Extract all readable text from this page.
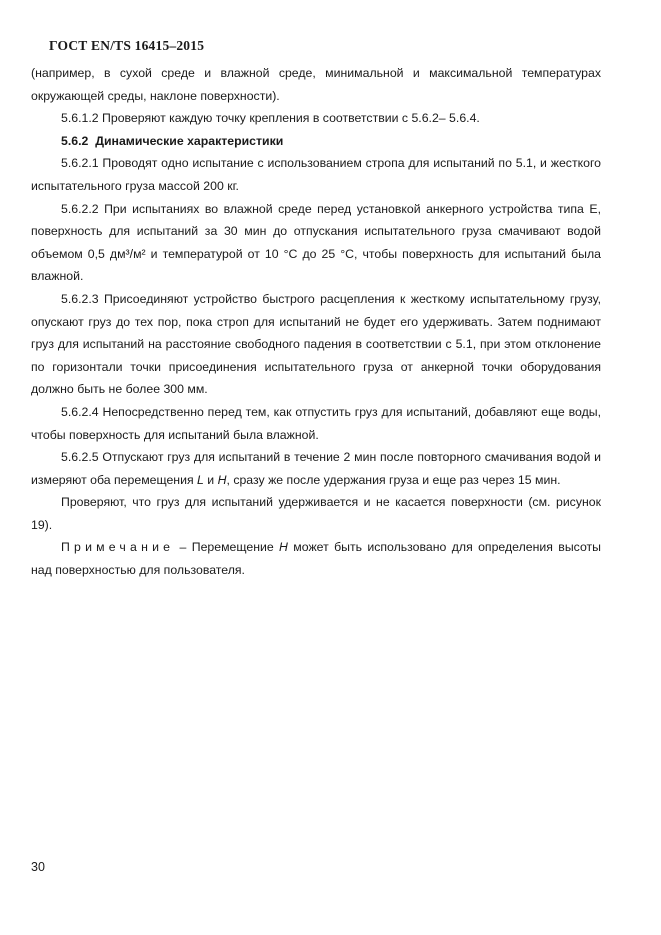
ГОСТ EN/TS 16415–2015

(например, в сухой среде и влажной среде, минимальной и максимальной температурах окружающей среды, наклоне поверхности).

5.6.1.2 Проверяют каждую точку крепления в соответствии с 5.6.2– 5.6.4.

5.6.2 Динамические характеристики

5.6.2.1 Проводят одно испытание с использованием стропа для испытаний по 5.1, и жесткого испытательного груза массой 200 кг.

5.6.2.2 При испытаниях во влажной среде перед установкой анкерного устройства типа Е, поверхность для испытаний за 30 мин до отпускания испытательного груза смачивают водой объемом 0,5 дм³/м² и температурой от 10 °С до 25 °С, чтобы поверхность для испытаний была влажной.

5.6.2.3 Присоединяют устройство быстрого расцепления к жесткому испытательному грузу, опускают груз до тех пор, пока строп для испытаний не будет его удерживать. Затем поднимают груз для испытаний на расстояние свободного падения в соответствии с 5.1, при этом отклонение по горизонтали точки присоединения испытательного груза от анкерной точки оборудования должно быть не более 300 мм.

5.6.2.4 Непосредственно перед тем, как отпустить груз для испытаний, добавляют еще воды, чтобы поверхность для испытаний была влажной.

5.6.2.5 Отпускают груз для испытаний в течение 2 мин после повторного смачивания водой и измеряют оба перемещения L и H, сразу же после удержания груза и еще раз через 15 мин.

Проверяют, что груз для испытаний удерживается и не касается поверхности (см. рисунок 19).

Примечание – Перемещение Н может быть использовано для определения высоты над поверхностью для пользователя.

30
